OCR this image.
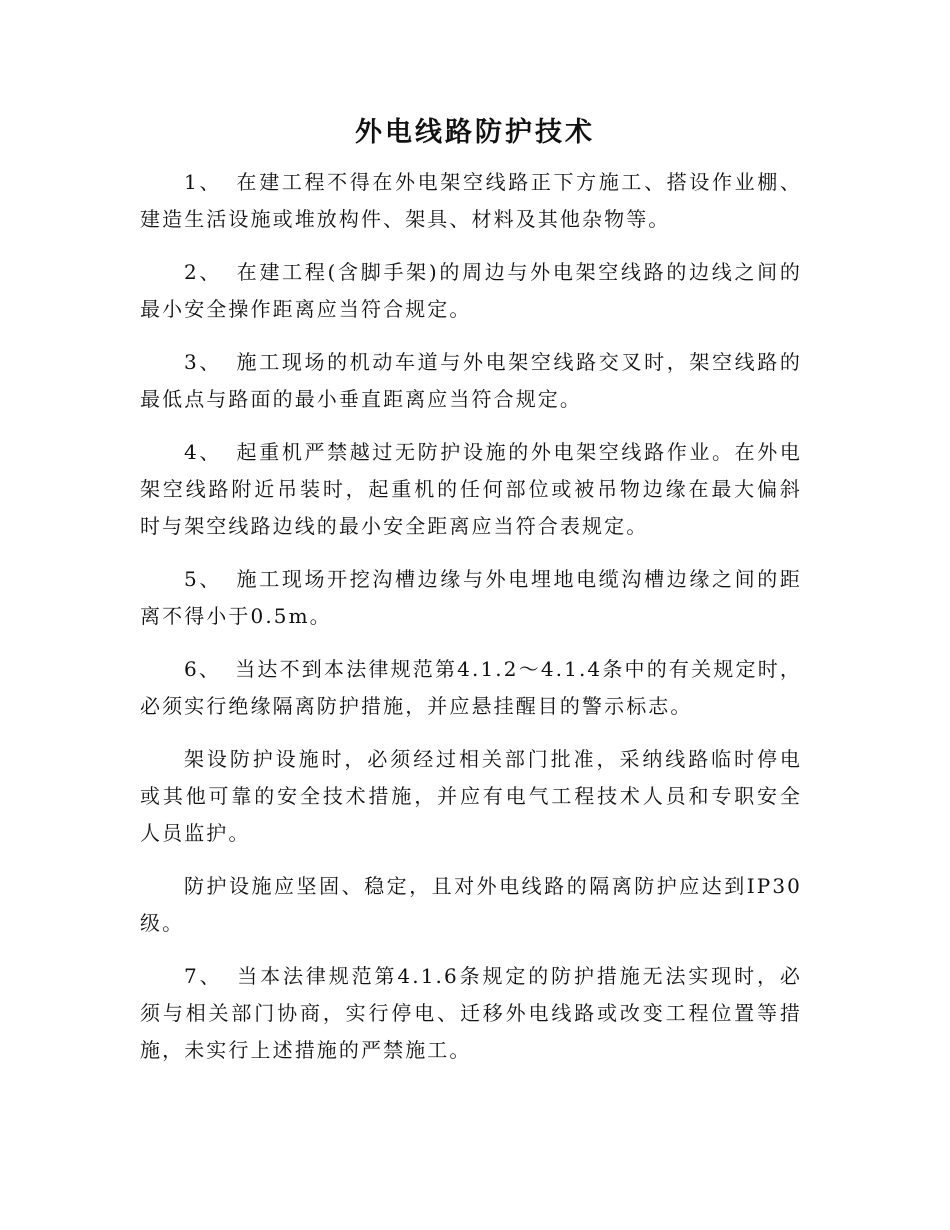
外电线路防护技术

1、 在建工程不得在外电架空线路正下方施工、搭设作业棚、建造生活设施或堆放构件、架具、材料及其他杂物等。

2、 在建工程(含脚手架)的周边与外电架空线路的边线之间的最小安全操作距离应当符合规定。

3、 施工现场的机动车道与外电架空线路交叉时，架空线路的最低点与路面的最小垂直距离应当符合规定。

4、 起重机严禁越过无防护设施的外电架空线路作业。在外电架空线路附近吊装时，起重机的任何部位或被吊物边缘在最大偏斜时与架空线路边线的最小安全距离应当符合表规定。

5、 施工现场开挖沟槽边缘与外电埋地电缆沟槽边缘之间的距离不得小于0.5m。

6、 当达不到本法律规范第4.1.2～4.1.4条中的有关规定时，必须实行绝缘隔离防护措施，并应悬挂醒目的警示标志。

架设防护设施时，必须经过相关部门批准，采纳线路临时停电或其他可靠的安全技术措施，并应有电气工程技术人员和专职安全人员监护。

防护设施应坚固、稳定，且对外电线路的隔离防护应达到IP30级。

7、 当本法律规范第4.1.6条规定的防护措施无法实现时，必须与相关部门协商，实行停电、迁移外电线路或改变工程位置等措施，未实行上述措施的严禁施工。
